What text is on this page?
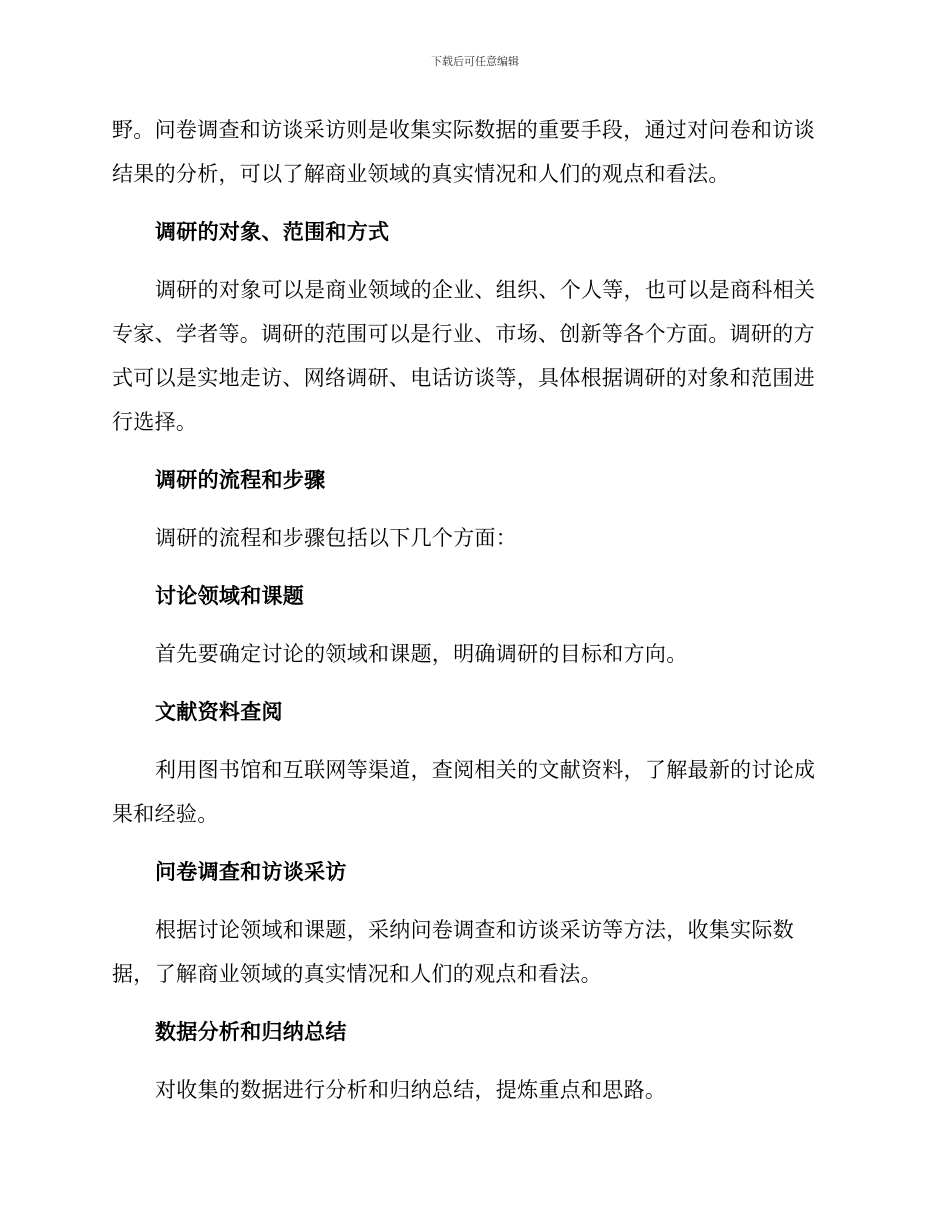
下载后可任意编辑

野。问卷调查和访谈采访则是收集实际数据的重要手段，通过对问卷和访谈结果的分析，可以了解商业领域的真实情况和人们的观点和看法。

调研的对象、范围和方式

调研的对象可以是商业领域的企业、组织、个人等，也可以是商科相关专家、学者等。调研的范围可以是行业、市场、创新等各个方面。调研的方式可以是实地走访、网络调研、电话访谈等，具体根据调研的对象和范围进行选择。

调研的流程和步骤

调研的流程和步骤包括以下几个方面：

讨论领域和课题

首先要确定讨论的领域和课题，明确调研的目标和方向。

文献资料查阅

利用图书馆和互联网等渠道，查阅相关的文献资料，了解最新的讨论成果和经验。

问卷调查和访谈采访

根据讨论领域和课题，采纳问卷调查和访谈采访等方法，收集实际数据，了解商业领域的真实情况和人们的观点和看法。

数据分析和归纳总结

对收集的数据进行分析和归纳总结，提炼重点和思路。
